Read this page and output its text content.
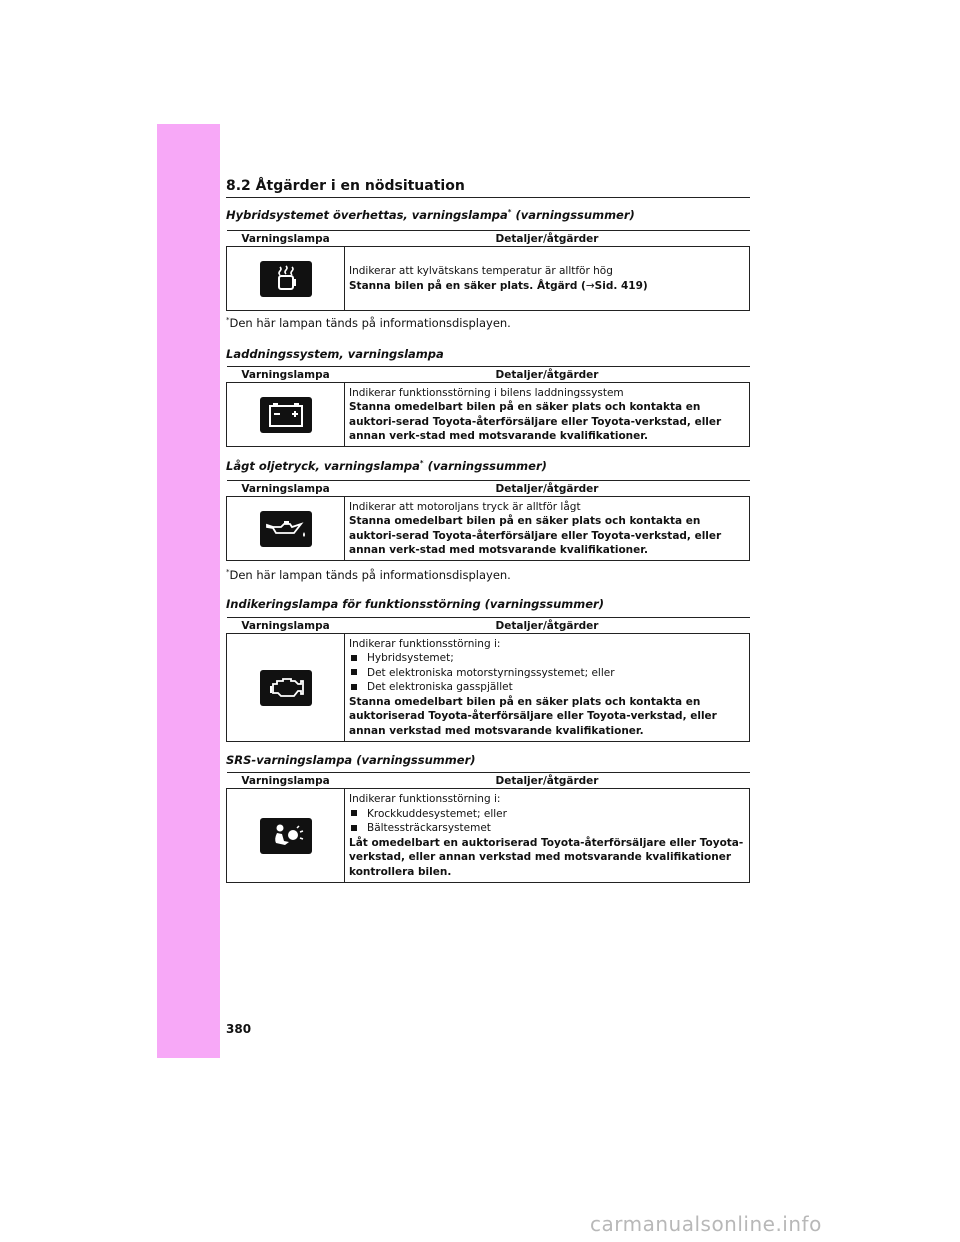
8.2 Åtgärder i en nödsituation
Hybridsystemet överhettas, varningslampa* (varningssummer)
Varningslampa	Detaljer/åtgärder

Indikerar att kylvätskans temperatur är alltför hög
Stanna bilen på en säker plats. Åtgärd (→Sid. 419)
*Den här lampan tänds på informationsdisplayen.
Laddningssystem, varningslampa
Varningslampa	Detaljer/åtgärder

Indikerar funktionsstörning i bilens laddningssystem
Stanna omedelbart bilen på en säker plats och kontakta en auktori-serad Toyota-återförsäljare eller Toyota-verkstad, eller annan verk-stad med motsvarande kvalifikationer.
Lågt oljetryck, varningslampa* (varningssummer)
Varningslampa	Detaljer/åtgärder

Indikerar att motoroljans tryck är alltför lågt
Stanna omedelbart bilen på en säker plats och kontakta en auktori-serad Toyota-återförsäljare eller Toyota-verkstad, eller annan verk-stad med motsvarande kvalifikationer.
*Den här lampan tänds på informationsdisplayen.
Indikeringslampa för funktionsstörning (varningssummer)
Varningslampa	Detaljer/åtgärder

Indikerar funktionsstörning i:
Hybridsystemet;
Det elektroniska motorstyrningssystemet; eller
Det elektroniska gasspjället
Stanna omedelbart bilen på en säker plats och kontakta en auktoriserad Toyota-återförsäljare eller Toyota-verkstad, eller annan verkstad med motsvarande kvalifikationer.
SRS-varningslampa (varningssummer)
Varningslampa	Detaljer/åtgärder

Indikerar funktionsstörning i:
Krockkuddesystemet; eller
Bältessträckarsystemet
Låt omedelbart en auktoriserad Toyota-återförsäljare eller Toyota-verkstad, eller annan verkstad med motsvarande kvalifikationer kontrollera bilen.
380
carmanualsonline.info
